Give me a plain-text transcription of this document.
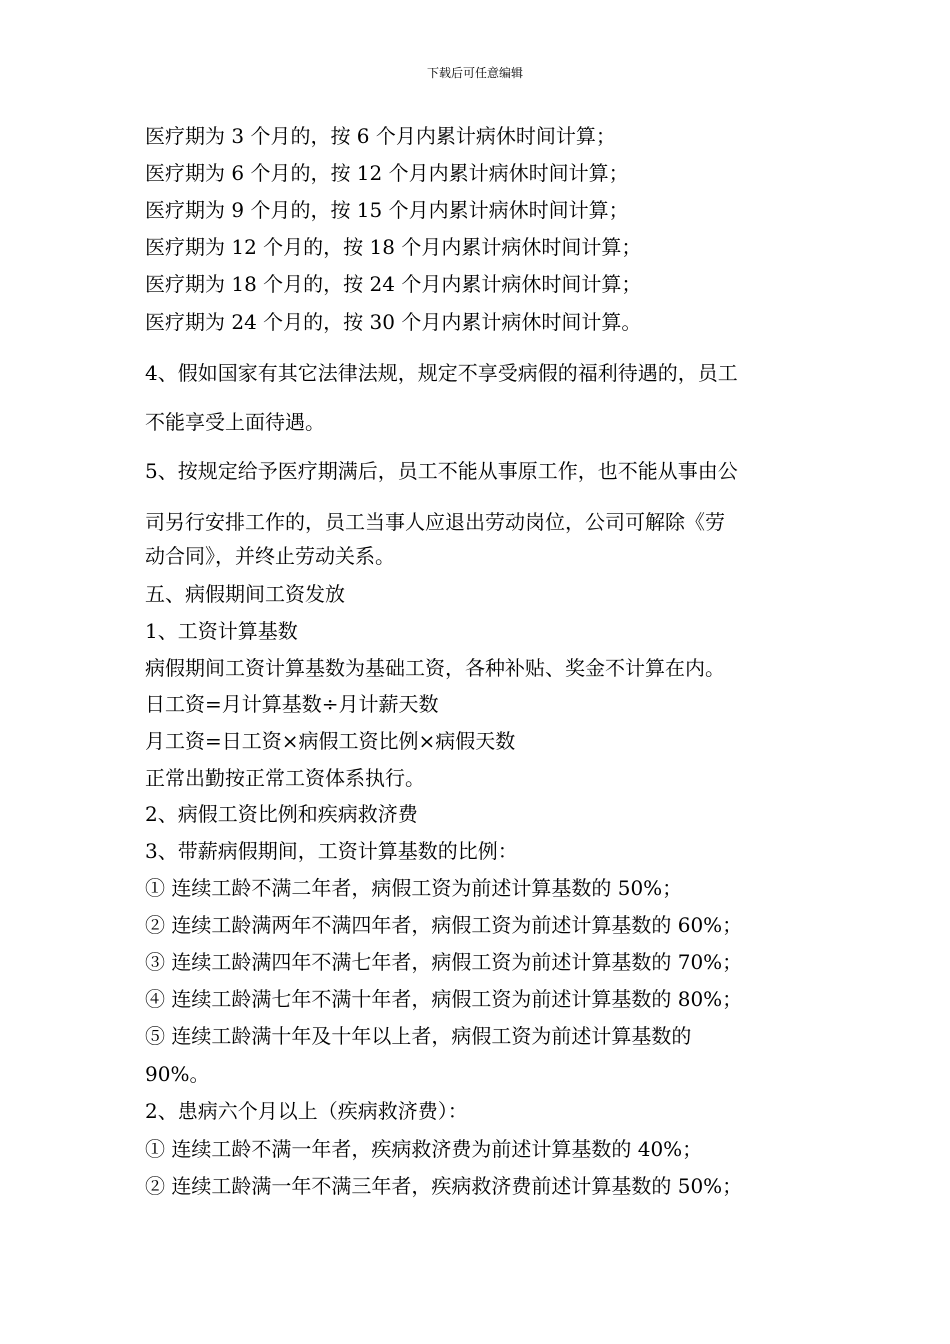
下载后可任意编辑
医疗期为 3 个月的，按 6 个月内累计病休时间计算；
医疗期为 6 个月的，按 12 个月内累计病休时间计算；
医疗期为 9 个月的，按 15 个月内累计病休时间计算；
医疗期为 12 个月的，按 18 个月内累计病休时间计算；
医疗期为 18 个月的，按 24 个月内累计病休时间计算；
医疗期为 24 个月的，按 30 个月内累计病休时间计算。
4、假如国家有其它法律法规，规定不享受病假的福利待遇的，员工
不能享受上面待遇。
5、按规定给予医疗期满后，员工不能从事原工作，也不能从事由公
司另行安排工作的，员工当事人应退出劳动岗位，公司可解除《劳
动合同》，并终止劳动关系。
五、病假期间工资发放
1、工资计算基数
病假期间工资计算基数为基础工资，各种补贴、奖金不计算在内。
日工资=月计算基数÷月计薪天数
月工资=日工资×病假工资比例×病假天数
正常出勤按正常工资体系执行。
2、病假工资比例和疾病救济费
3、带薪病假期间，工资计算基数的比例：
① 连续工龄不满二年者，病假工资为前述计算基数的 50%；
② 连续工龄满两年不满四年者，病假工资为前述计算基数的 60%；
③ 连续工龄满四年不满七年者，病假工资为前述计算基数的 70%；
④ 连续工龄满七年不满十年者，病假工资为前述计算基数的 80%；
⑤ 连续工龄满十年及十年以上者，病假工资为前述计算基数的
90%。
2、患病六个月以上（疾病救济费）：
① 连续工龄不满一年者，疾病救济费为前述计算基数的 40%；
② 连续工龄满一年不满三年者，疾病救济费前述计算基数的 50%；
